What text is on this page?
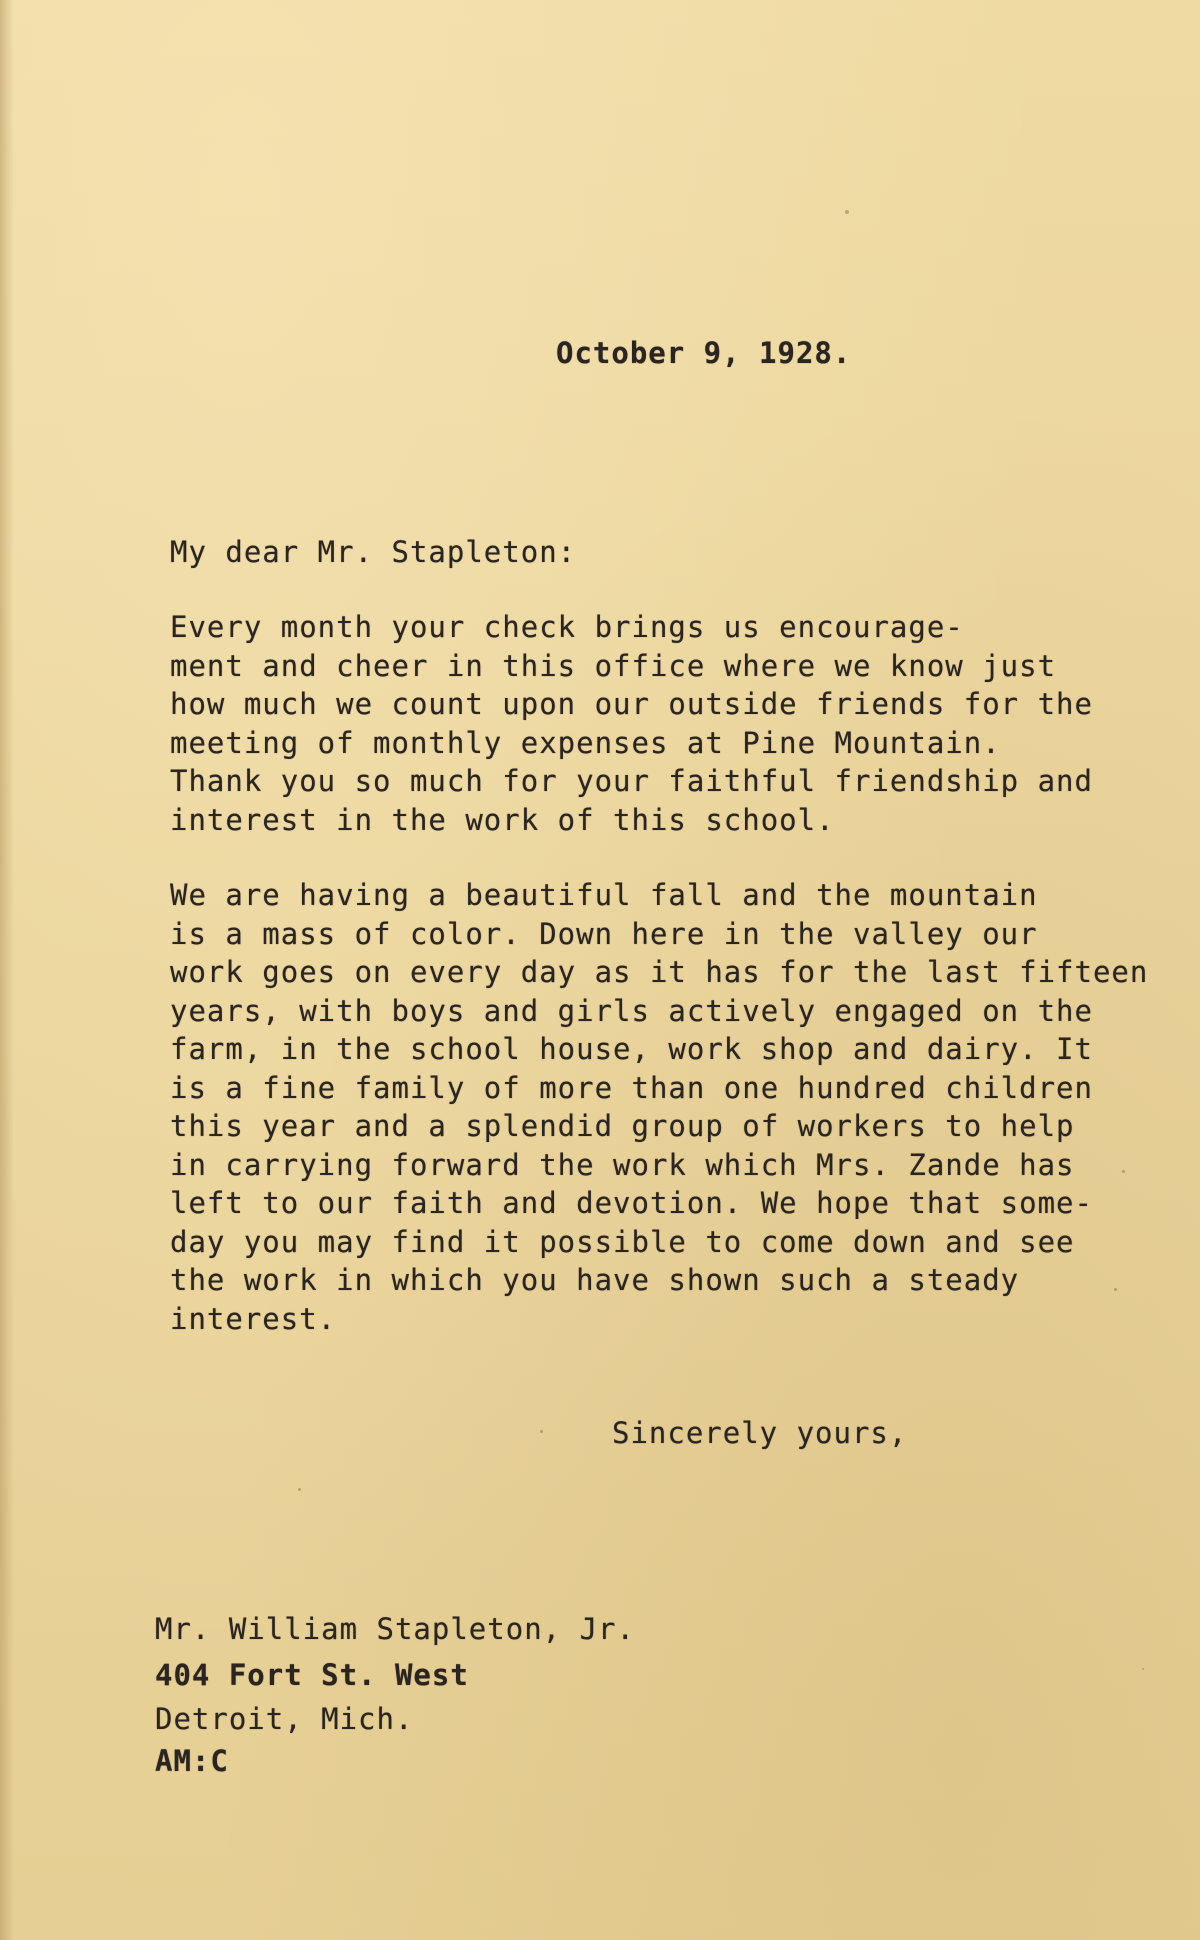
October 9, 1928.
My dear Mr. Stapleton:
Every month your check brings us encourage-
ment and cheer in this office where we know just
how much we count upon our outside friends for the
meeting of monthly expenses at Pine Mountain.
Thank you so much for your faithful friendship and
interest in the work of this school.
We are having a beautiful fall and the mountain
is a mass of color. Down here in the valley our
work goes on every day as it has for the last fifteen
years, with boys and girls actively engaged on the
farm, in the school house, work shop and dairy. It
is a fine family of more than one hundred children
this year and a splendid group of workers to help
in carrying forward the work which Mrs. Zande has
left to our faith and devotion. We hope that some-
day you may find it possible to come down and see
the work in which you have shown such a steady
interest.
Sincerely yours,
Mr. William Stapleton, Jr.
404 Fort St. West
Detroit, Mich.
AM:C
